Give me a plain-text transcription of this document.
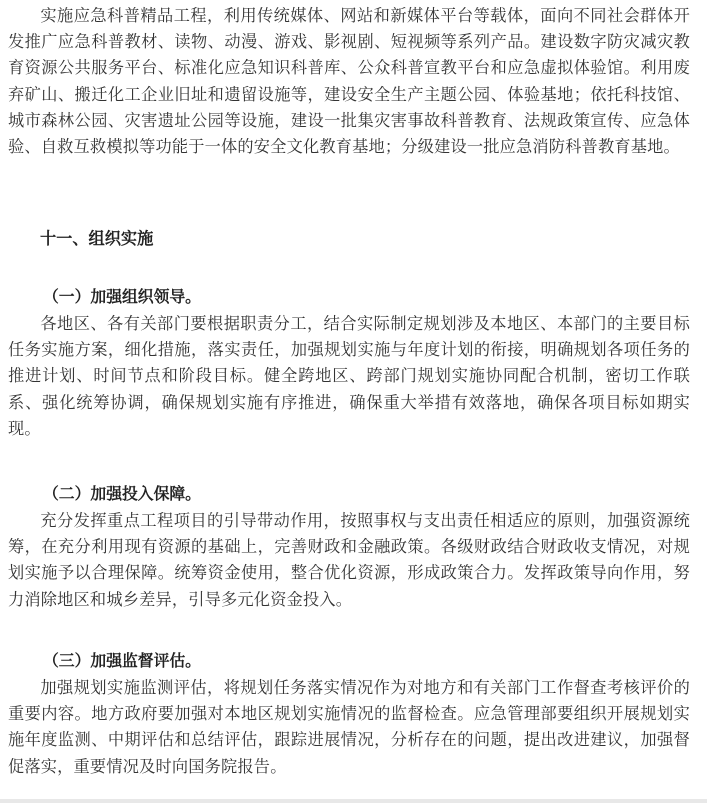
实施应急科普精品工程，利用传统媒体、网站和新媒体平台等载体，面向不同社会群体开发推广应急科普教材、读物、动漫、游戏、影视剧、短视频等系列产品。建设数字防灾减灾教育资源公共服务平台、标准化应急知识科普库、公众科普宣教平台和应急虚拟体验馆。利用废弃矿山、搬迁化工企业旧址和遗留设施等，建设安全生产主题公园、体验基地；依托科技馆、城市森林公园、灾害遗址公园等设施，建设一批集灾害事故科普教育、法规政策宣传、应急体验、自救互救模拟等功能于一体的安全文化教育基地；分级建设一批应急消防科普教育基地。

十一、组织实施
（一）加强组织领导。

各地区、各有关部门要根据职责分工，结合实际制定规划涉及本地区、本部门的主要目标任务实施方案，细化措施，落实责任，加强规划实施与年度计划的衔接，明确规划各项任务的推进计划、时间节点和阶段目标。健全跨地区、跨部门规划实施协同配合机制，密切工作联系、强化统筹协调，确保规划实施有序推进，确保重大举措有效落地，确保各项目标如期实现。

（二）加强投入保障。

充分发挥重点工程项目的引导带动作用，按照事权与支出责任相适应的原则，加强资源统筹，在充分利用现有资源的基础上，完善财政和金融政策。各级财政结合财政收支情况，对规划实施予以合理保障。统筹资金使用，整合优化资源，形成政策合力。发挥政策导向作用，努力消除地区和城乡差异，引导多元化资金投入。

（三）加强监督评估。

加强规划实施监测评估，将规划任务落实情况作为对地方和有关部门工作督查考核评价的重要内容。地方政府要加强对本地区规划实施情况的监督检查。应急管理部要组织开展规划实施年度监测、中期评估和总结评估，跟踪进展情况，分析存在的问题，提出改进建议，加强督促落实，重要情况及时向国务院报告。
